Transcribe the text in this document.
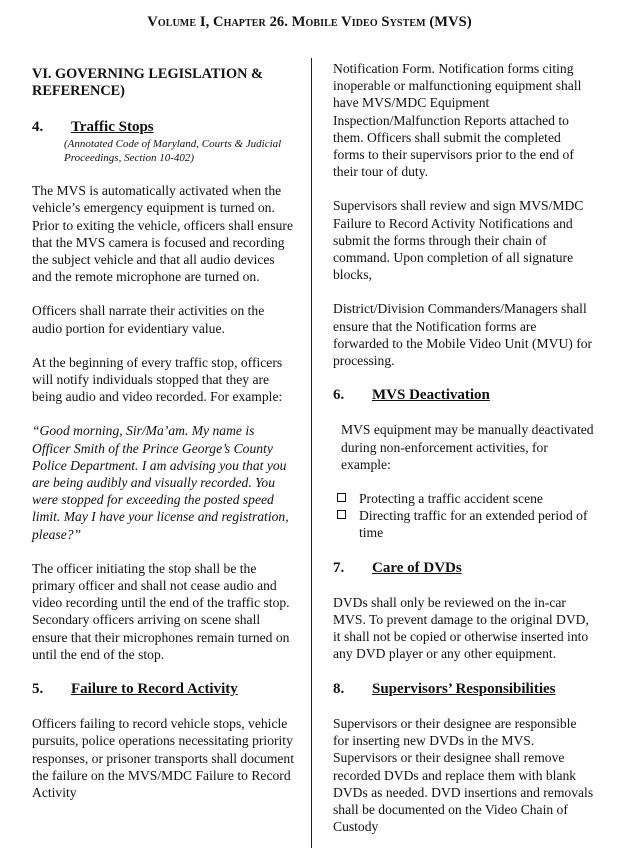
Volume I, Chapter 26. Mobile Video System (MVS)

VI. GOVERNING LEGISLATION & REFERENCE)

4.	Traffic Stops

(Annotated Code of Maryland, Courts & Judicial Proceedings, Section 10-402)

The MVS is automatically activated when the vehicle’s emergency equipment is turned on. Prior to exiting the vehicle, officers shall ensure that the MVS camera is focused and recording the subject vehicle and that all audio devices and the remote microphone are turned on.

Officers shall narrate their activities on the audio portion for evidentiary value.

At the beginning of every traffic stop, officers will notify individuals stopped that they are being audio and video recorded. For example:

“Good morning, Sir/Ma’am. My name is Officer Smith of the Prince George’s County Police Department. I am advising you that you are being audibly and visually recorded. You were stopped for exceeding the posted speed limit. May I have your license and registration, please?”

The officer initiating the stop shall be the primary officer and shall not cease audio and video recording until the end of the traffic stop. Secondary officers arriving on scene shall ensure that their microphones remain turned on until the end of the stop.

5.	Failure to Record Activity

Officers failing to record vehicle stops, vehicle pursuits, police operations necessitating priority responses, or prisoner transports shall document the failure on the MVS/MDC Failure to Record Activity

Notification Form. Notification forms citing inoperable or malfunctioning equipment shall have MVS/MDC Equipment Inspection/Malfunction Reports attached to them. Officers shall submit the completed forms to their supervisors prior to the end of their tour of duty.

Supervisors shall review and sign MVS/MDC Failure to Record Activity Notifications and submit the forms through their chain of command. Upon completion of all signature blocks,

District/Division Commanders/Managers shall ensure that the Notification forms are forwarded to the Mobile Video Unit (MVU) for processing.

6.	MVS Deactivation

MVS equipment may be manually deactivated during non-enforcement activities, for example:

Protecting a traffic accident scene
Directing traffic for an extended period of time
7.	Care of DVDs

DVDs shall only be reviewed on the in-car MVS. To prevent damage to the original DVD, it shall not be copied or otherwise inserted into any DVD player or any other equipment.

8.	Supervisors’ Responsibilities

Supervisors or their designee are responsible for inserting new DVDs in the MVS. Supervisors or their designee shall remove recorded DVDs and replace them with blank DVDs as needed. DVD insertions and removals shall be documented on the Video Chain of Custody
